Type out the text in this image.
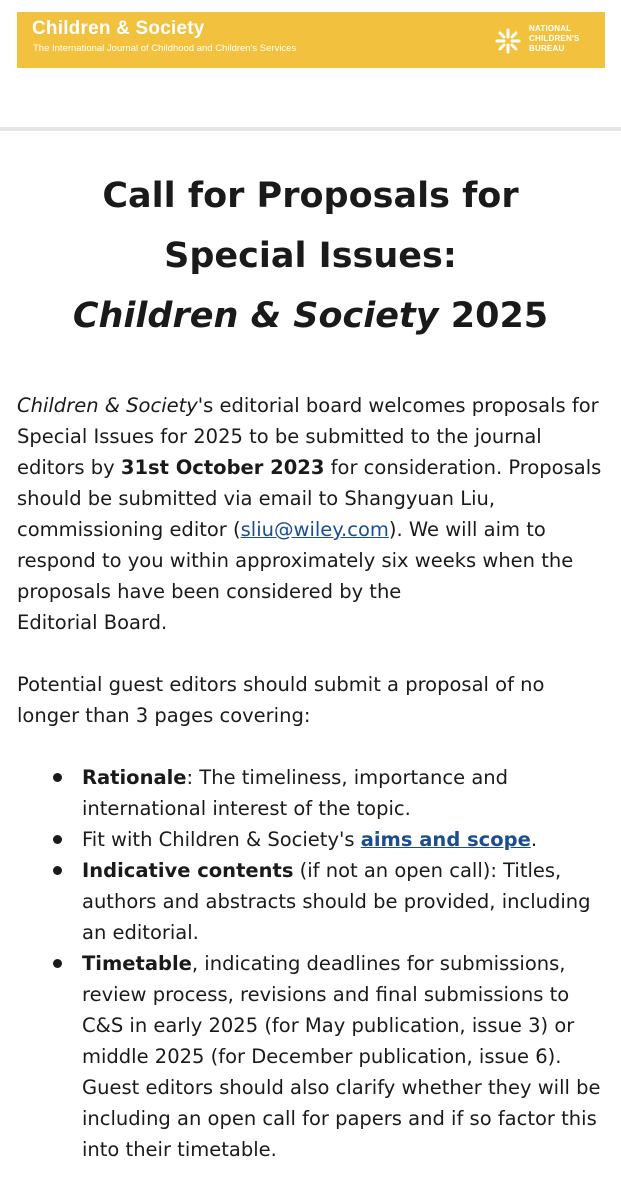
Children & Society
The International Journal of Childhood and Children's Services
NATIONAL
CHILDREN'S
BUREAU
Call for Proposals for
Special Issues:
Children & Society 2025

Children & Society's editorial board welcomes proposals for Special Issues for 2025 to be submitted to the journal editors by 31st October 2023 for consideration. Proposals should be submitted via email to Shangyuan Liu, commissioning editor (sliu@wiley.com). We will aim to respond to you within approximately six weeks when the proposals have been considered by the
Editorial Board.

Potential guest editors should submit a proposal of no longer than 3 pages covering:

Rationale: The timeliness, importance and international interest of the topic.
Fit with Children & Society's aims and scope.
Indicative contents (if not an open call): Titles, authors and abstracts should be provided, including an editorial.
Timetable, indicating deadlines for submissions, review process, revisions and final submissions to C&S in early 2025 (for May publication, issue 3) or middle 2025 (for December publication, issue 6). Guest editors should also clarify whether they will be including an open call for papers and if so factor this into their timetable.
